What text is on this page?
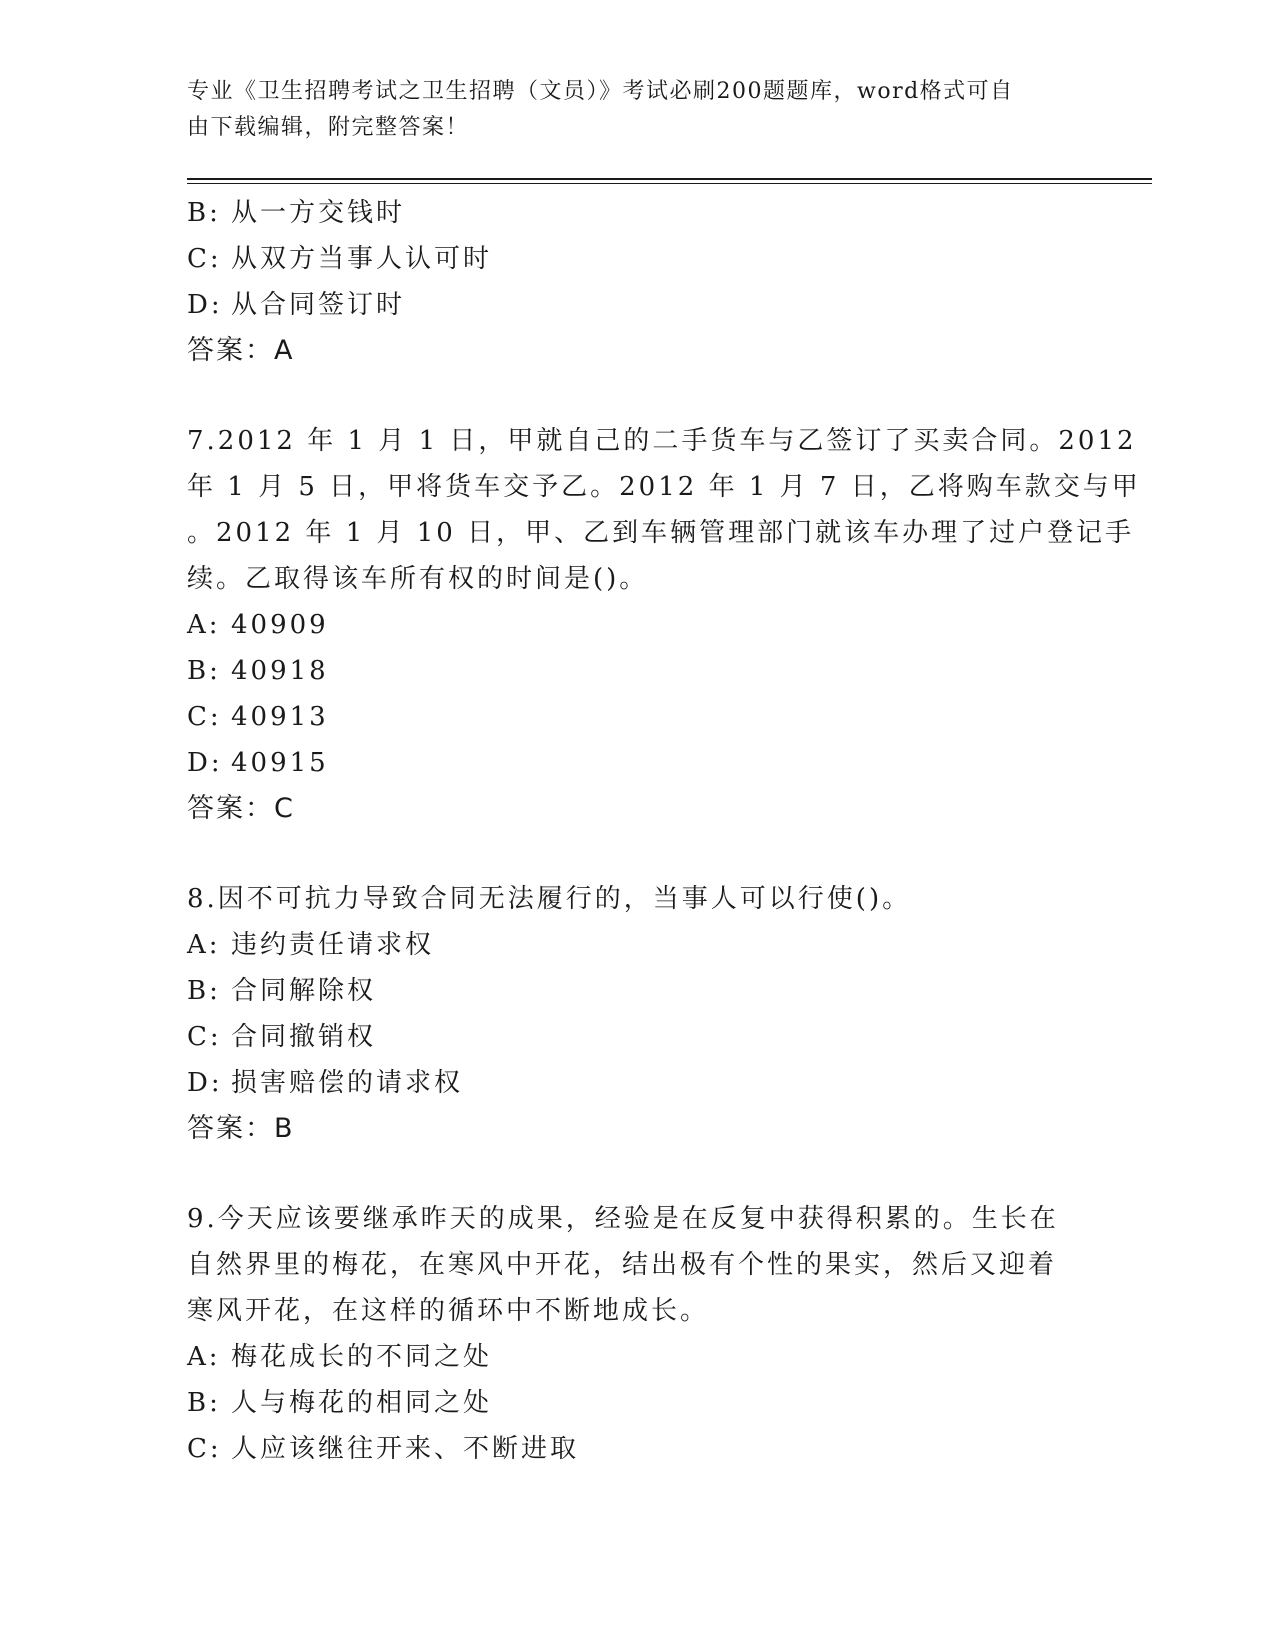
专业《卫生招聘考试之卫生招聘（文员）》考试必刷200题题库，word格式可自
由下载编辑，附完整答案！
B: 从一方交钱时
C: 从双方当事人认可时
D: 从合同签订时
答案：A
7.2012 年 1 月 1 日，甲就自己的二手货车与乙签订了买卖合同。2012
年 1 月 5 日，甲将货车交予乙。2012 年 1 月 7 日，乙将购车款交与甲
。2012 年 1 月 10 日，甲、乙到车辆管理部门就该车办理了过户登记手
续。乙取得该车所有权的时间是()。
A: 40909
B: 40918
C: 40913
D: 40915
答案：C
8.因不可抗力导致合同无法履行的，当事人可以行使()。
A: 违约责任请求权
B: 合同解除权
C: 合同撤销权
D: 损害赔偿的请求权
答案：B
9.今天应该要继承昨天的成果，经验是在反复中获得积累的。生长在
自然界里的梅花，在寒风中开花，结出极有个性的果实，然后又迎着
寒风开花，在这样的循环中不断地成长。
A: 梅花成长的不同之处
B: 人与梅花的相同之处
C: 人应该继往开来、不断进取
